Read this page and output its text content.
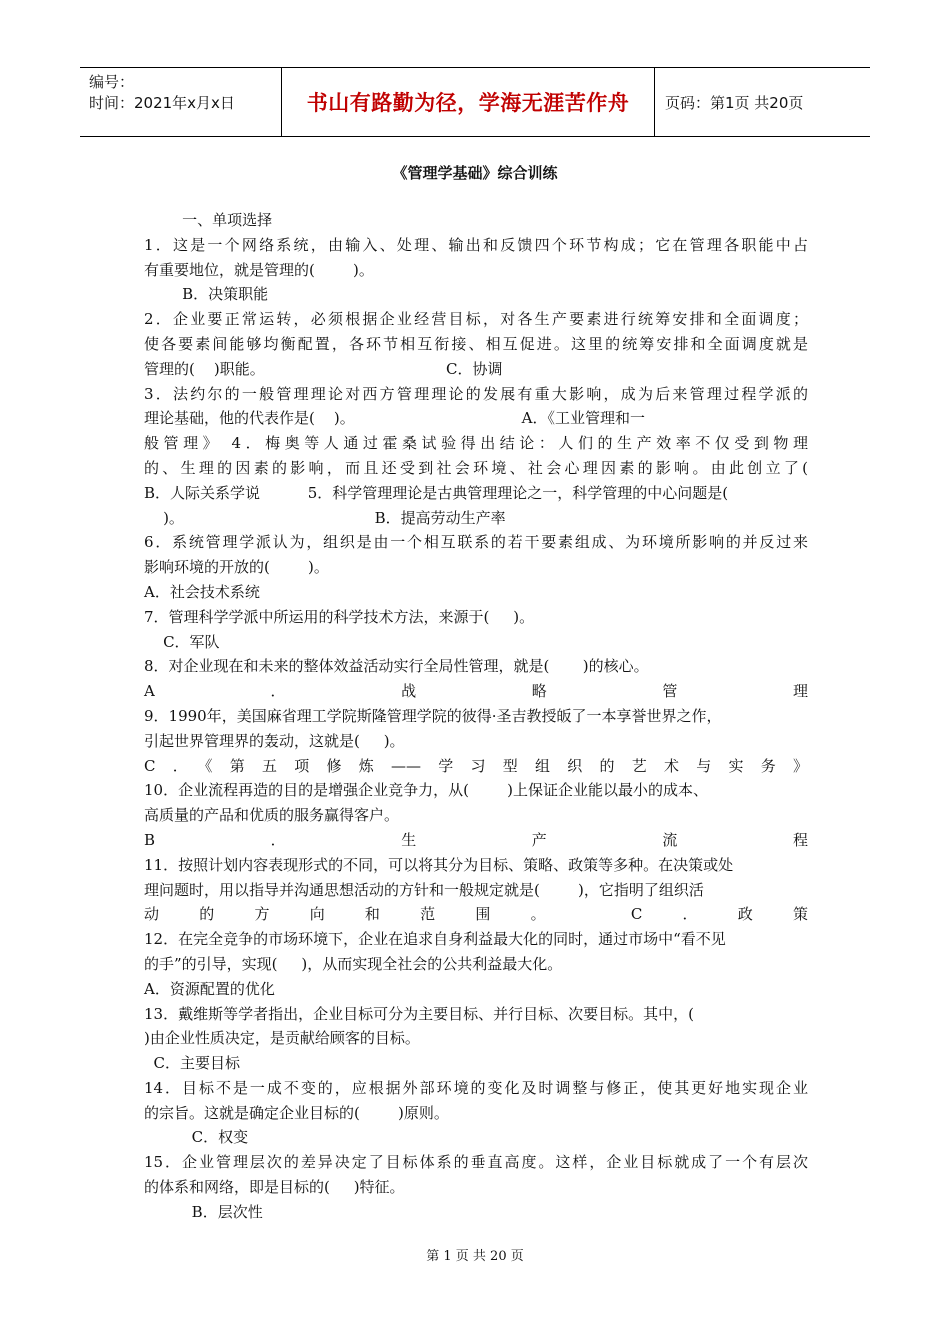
编号：
时间：2021年x月x日	书山有路勤为径，学海无涯苦作舟	页码：第1页 共20页
《管理学基础》综合训练
一、单项选择
1．这是一个网络系统，由输入、处理、输出和反馈四个环节构成；它在管理各职能中占
有重要地位，就是管理的(        )。
B．决策职能
2．企业要正常运转，必须根据企业经营目标，对各生产要素进行统筹安排和全面调度；
使各要素间能够均衡配置，各环节相互衔接、相互促进。这里的统筹安排和全面调度就是
管理的(    )职能。                                      C．协调
3．法约尔的一般管理理论对西方管理理论的发展有重大影响，成为后来管理过程学派的
理论基础，他的代表作是(    )。                                   A．《工业管理和一
般管理》 4．梅奥等人通过霍桑试验得出结论：人们的生产效率不仅受到物理
的、生理的因素的影响，而且还受到社会环境、社会心理因素的影响。由此创立了(
B．人际关系学说          5．科学管理理论是古典管理理论之一，科学管理的中心问题是(
)。                                        B．提高劳动生产率
6．系统管理学派认为，组织是由一个相互联系的若干要素组成、为环境所影响的并反过来
影响环境的开放的(        )。
A．社会技术系统
7．管理科学学派中所运用的科学技术方法，来源于(     )。
C．军队
8．对企业现在和未来的整体效益活动实行全局性管理，就是(       )的核心。
A．战略管理
9．1990年，美国麻省理工学院斯隆管理学院的彼得·圣吉教授皈了一本享誉世界之作，
引起世界管理界的轰动，这就是(     )。
C．《第五项修炼——学习型组织的艺术与实务》
10．企业流程再造的目的是增强企业竞争力，从(        )上保证企业能以最小的成本、
高质量的产品和优质的服务赢得客户。
B．生产流程
11．按照计划内容表现形式的不同，可以将其分为目标、策略、政策等多种。在决策或处
理问题时，用以指导并沟通思想活动的方针和一般规定就是(        )，它指明了组织活
动的方向和范围。 C．政策
12．在完全竞争的市场环境下，企业在追求自身利益最大化的同时，通过市场中“看不见
的手”的引导，实现(     )，从而实现全社会的公共利益最大化。
A．资源配置的优化
13．戴维斯等学者指出，企业目标可分为主要目标、并行目标、次要目标。其中，(
)由企业性质决定，是贡献给顾客的目标。
C．主要目标
14．目标不是一成不变的，应根据外部环境的变化及时调整与修正，使其更好地实现企业
的宗旨。这就是确定企业目标的(        )原则。
C．权变
15．企业管理层次的差异决定了目标体系的垂直高度。这样，企业目标就成了一个有层次
的体系和网络，即是目标的(     )特征。
B．层次性
第 1 页 共 20 页
